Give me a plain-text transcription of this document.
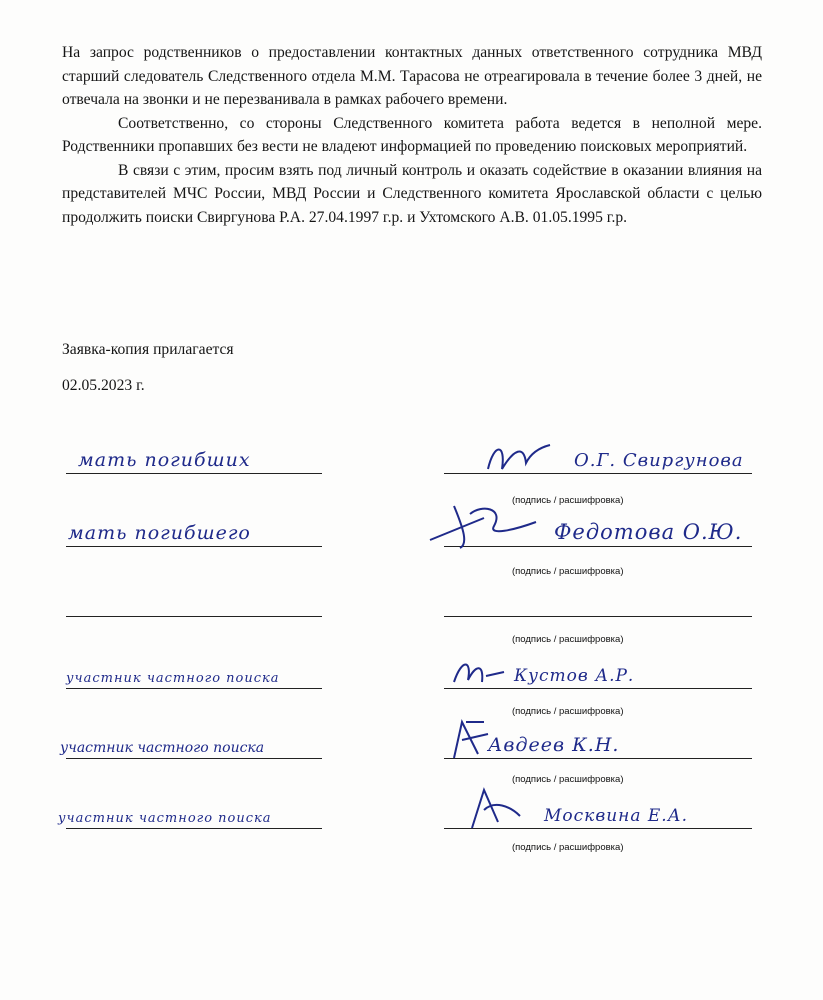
На запрос родственников о предоставлении контактных данных ответственного сотрудника МВД старший следователь Следственного отдела М.М. Тарасова не отреагировала в течение более 3 дней, не отвечала на звонки и не перезванивала в рамках рабочего времени.

Соответственно, со стороны Следственного комитета работа ведется в неполной мере. Родственники пропавших без вести не владеют информацией по проведению поисковых мероприятий.

В связи с этим, просим взять под личный контроль и оказать содействие в оказании влияния на представителей МЧС России, МВД России и Следственного комитета Ярославской области с целью продолжить поиски Свиргунова Р.А. 27.04.1997 г.р. и Ухтомского А.В. 01.05.1995 г.р.

Заявка-копия прилагается

02.05.2023 г.

мать погибших	О.Г. Свиргунова
(подпись / расшифровка)
мать погибшего	Федотова О.Ю.
(подпись / расшифровка)
(подпись / расшифровка)
участник частного поиска	Кустов А.Р.
(подпись / расшифровка)
участник частного поиска	Авдеев К.Н.
(подпись / расшифровка)
участник частного поиска	Москвина Е.А.
(подпись / расшифровка)
